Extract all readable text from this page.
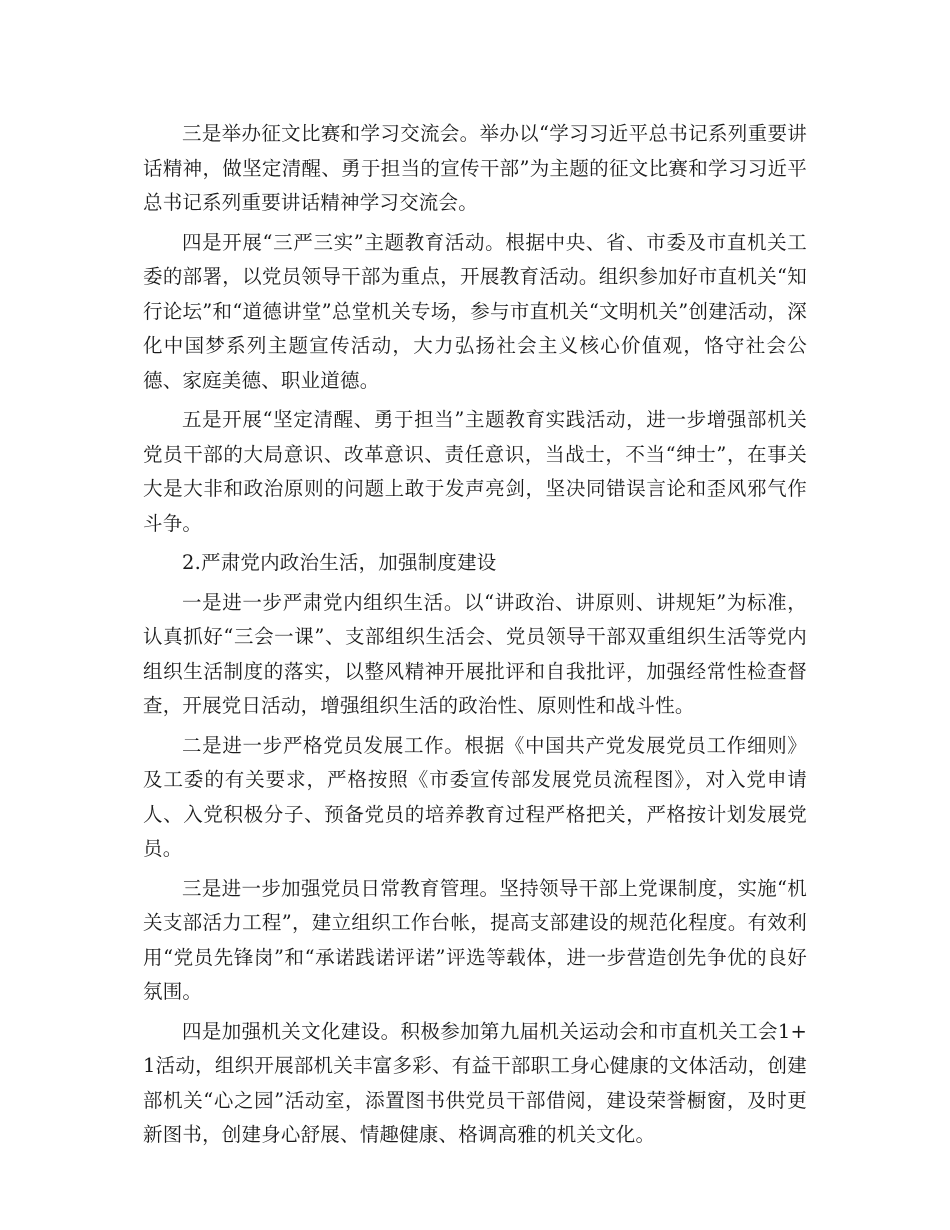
三是举办征文比赛和学习交流会。举办以“学习习近平总书记系列重要讲话精神，做坚定清醒、勇于担当的宣传干部”为主题的征文比赛和学习习近平总书记系列重要讲话精神学习交流会。

四是开展“三严三实”主题教育活动。根据中央、省、市委及市直机关工委的部署，以党员领导干部为重点，开展教育活动。组织参加好市直机关“知行论坛”和“道德讲堂”总堂机关专场，参与市直机关“文明机关”创建活动，深化中国梦系列主题宣传活动，大力弘扬社会主义核心价值观，恪守社会公德、家庭美德、职业道德。

五是开展“坚定清醒、勇于担当”主题教育实践活动，进一步增强部机关党员干部的大局意识、改革意识、责任意识，当战士，不当“绅士”，在事关大是大非和政治原则的问题上敢于发声亮剑，坚决同错误言论和歪风邪气作斗争。

2.严肃党内政治生活，加强制度建设

一是进一步严肃党内组织生活。以“讲政治、讲原则、讲规矩”为标准，认真抓好“三会一课”、支部组织生活会、党员领导干部双重组织生活等党内组织生活制度的落实，以整风精神开展批评和自我批评，加强经常性检查督查，开展党日活动，增强组织生活的政治性、原则性和战斗性。

二是进一步严格党员发展工作。根据《中国共产党发展党员工作细则》及工委的有关要求，严格按照《市委宣传部发展党员流程图》，对入党申请人、入党积极分子、预备党员的培养教育过程严格把关，严格按计划发展党员。

三是进一步加强党员日常教育管理。坚持领导干部上党课制度，实施“机关支部活力工程”，建立组织工作台帐，提高支部建设的规范化程度。有效利用“党员先锋岗”和“承诺践诺评诺”评选等载体，进一步营造创先争优的良好氛围。

四是加强机关文化建设。积极参加第九届机关运动会和市直机关工会1+1活动，组织开展部机关丰富多彩、有益干部职工身心健康的文体活动，创建部机关“心之园”活动室，添置图书供党员干部借阅，建设荣誉橱窗，及时更新图书，创建身心舒展、情趣健康、格调高雅的机关文化。
